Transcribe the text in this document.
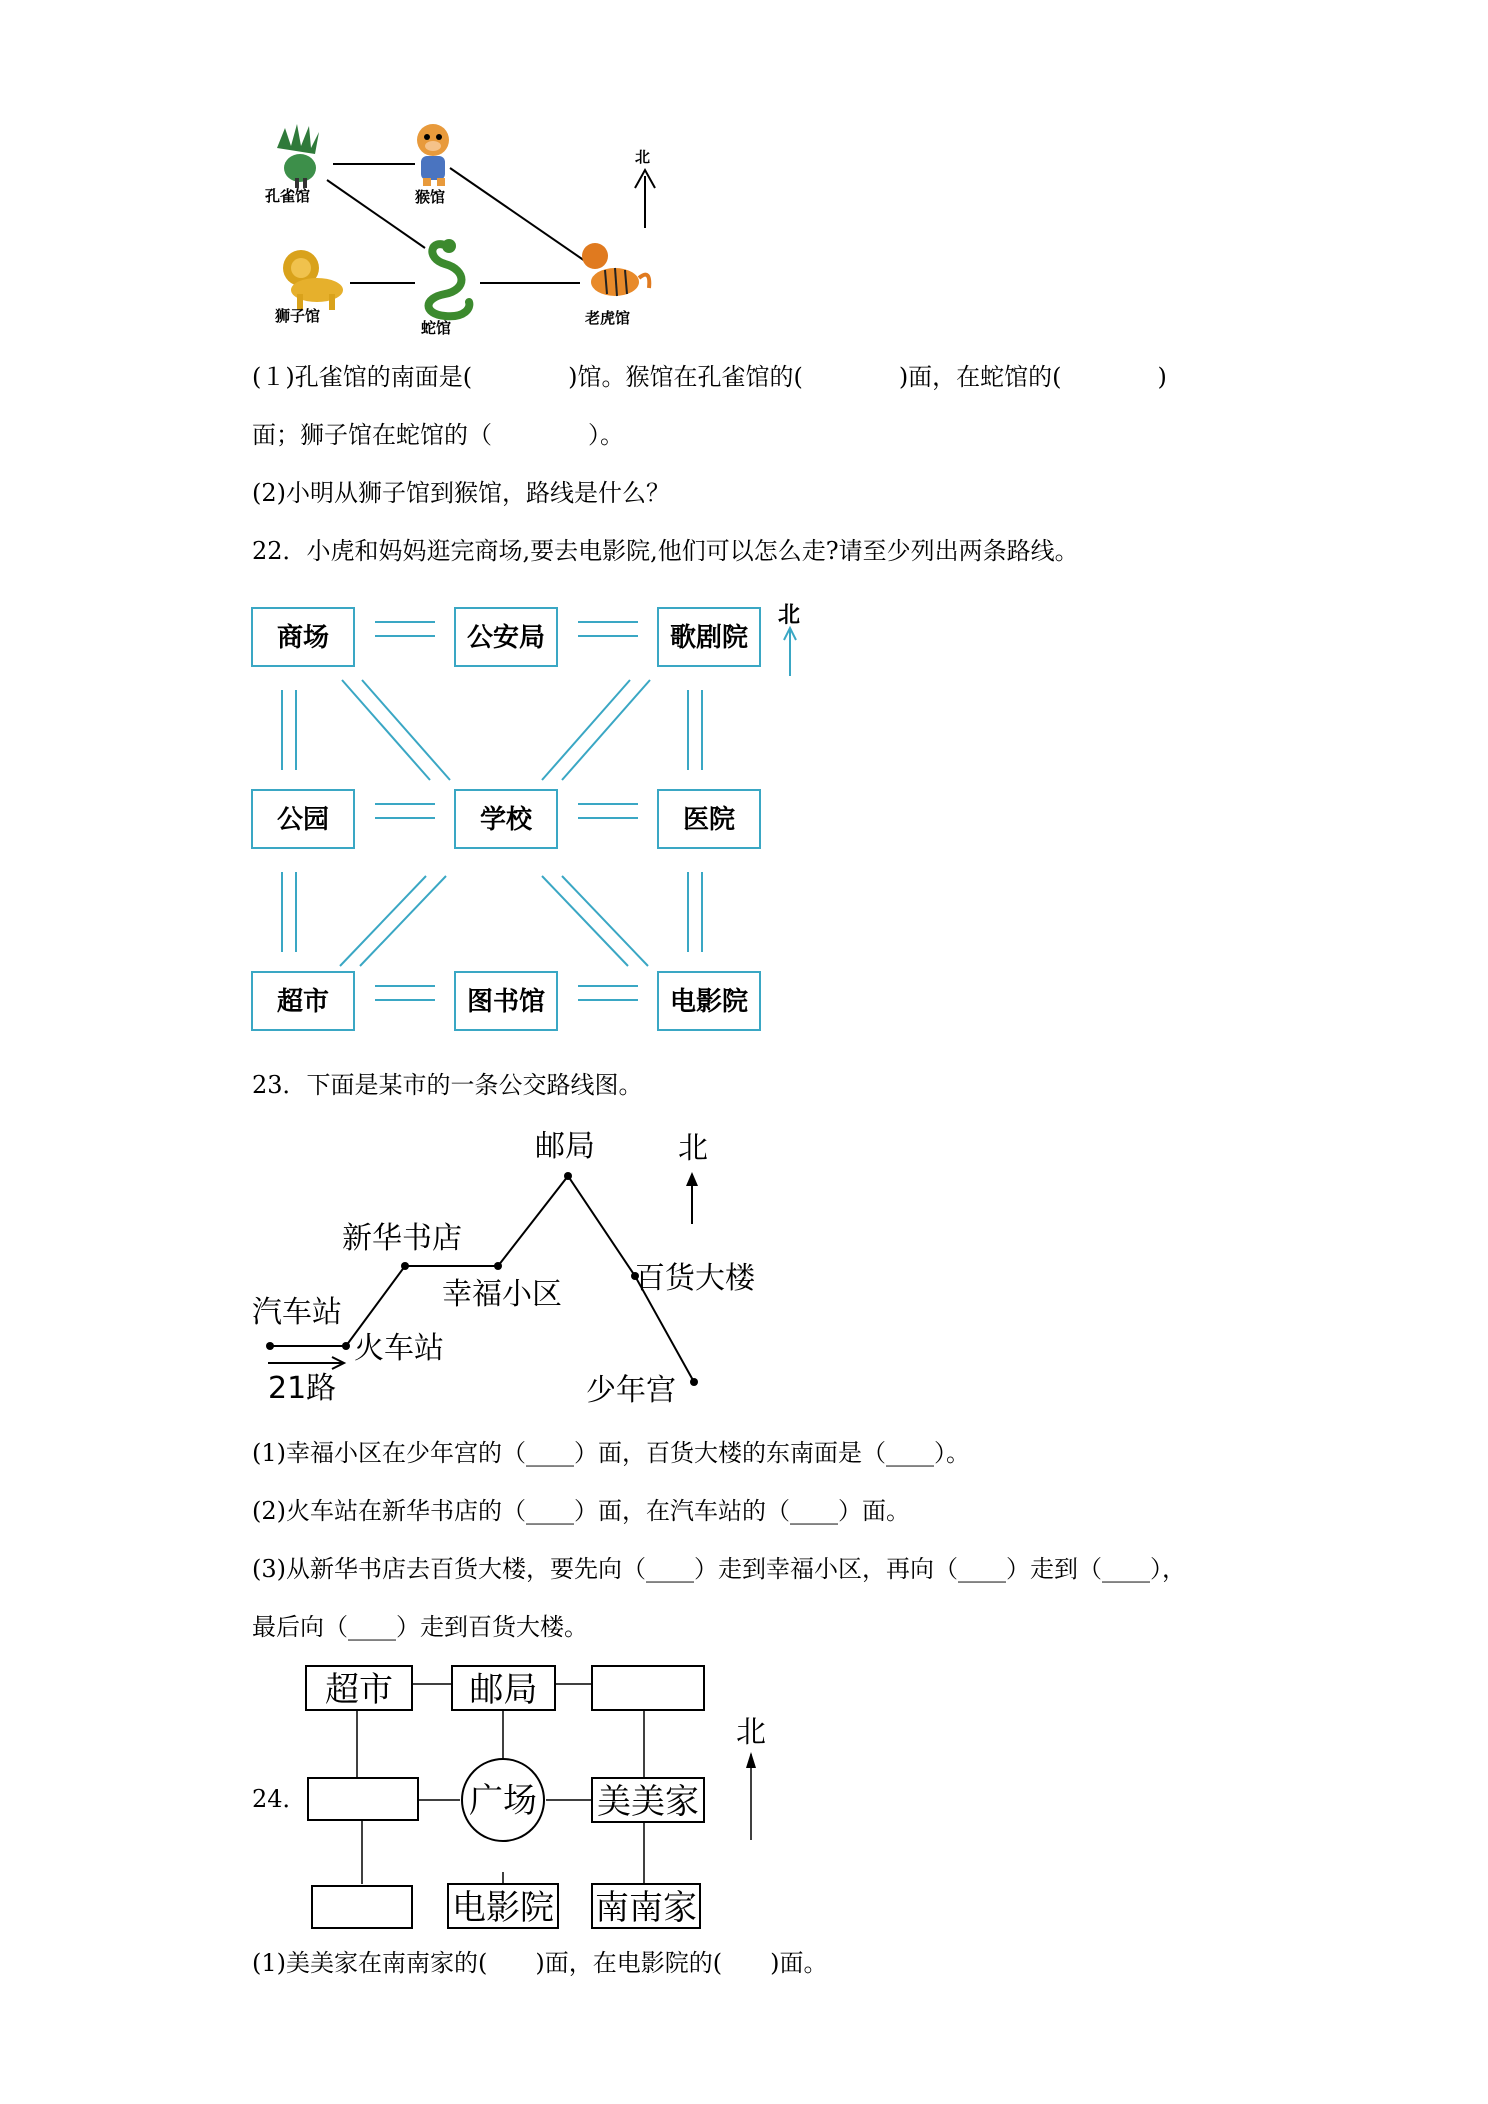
孔雀馆	猴馆
北
狮子馆
蛇馆
老虎馆
(１)孔雀馆的南面是(　　　　)馆。猴馆在孔雀馆的(　　　　)面，在蛇馆的(　　　　)
面；狮子馆在蛇馆的（　　　　）。
(2)小明从狮子馆到猴馆，路线是什么？
22．小虎和妈妈逛完商场,要去电影院,他们可以怎么走?请至少列出两条路线。
商场	公安局	歌剧院
公园	学校	医院
超市	图书馆	电影院
北
23．下面是某市的一条公交路线图。
邮局
新华书店
幸福小区 百货大楼
汽车站
火车站
少年宫
21路
北
(1)幸福小区在少年宫的（____）面，百货大楼的东南面是（____）。
(2)火车站在新华书店的（____）面，在汽车站的（____）面。
(3)从新华书店去百货大楼，要先向（____）走到幸福小区，再向（____）走到（____），
最后向（____）走到百货大楼。
24．
超市 邮局
美美家
电影院 南南家
广场
北
(1)美美家在南南家的(　　)面，在电影院的(　　)面。
